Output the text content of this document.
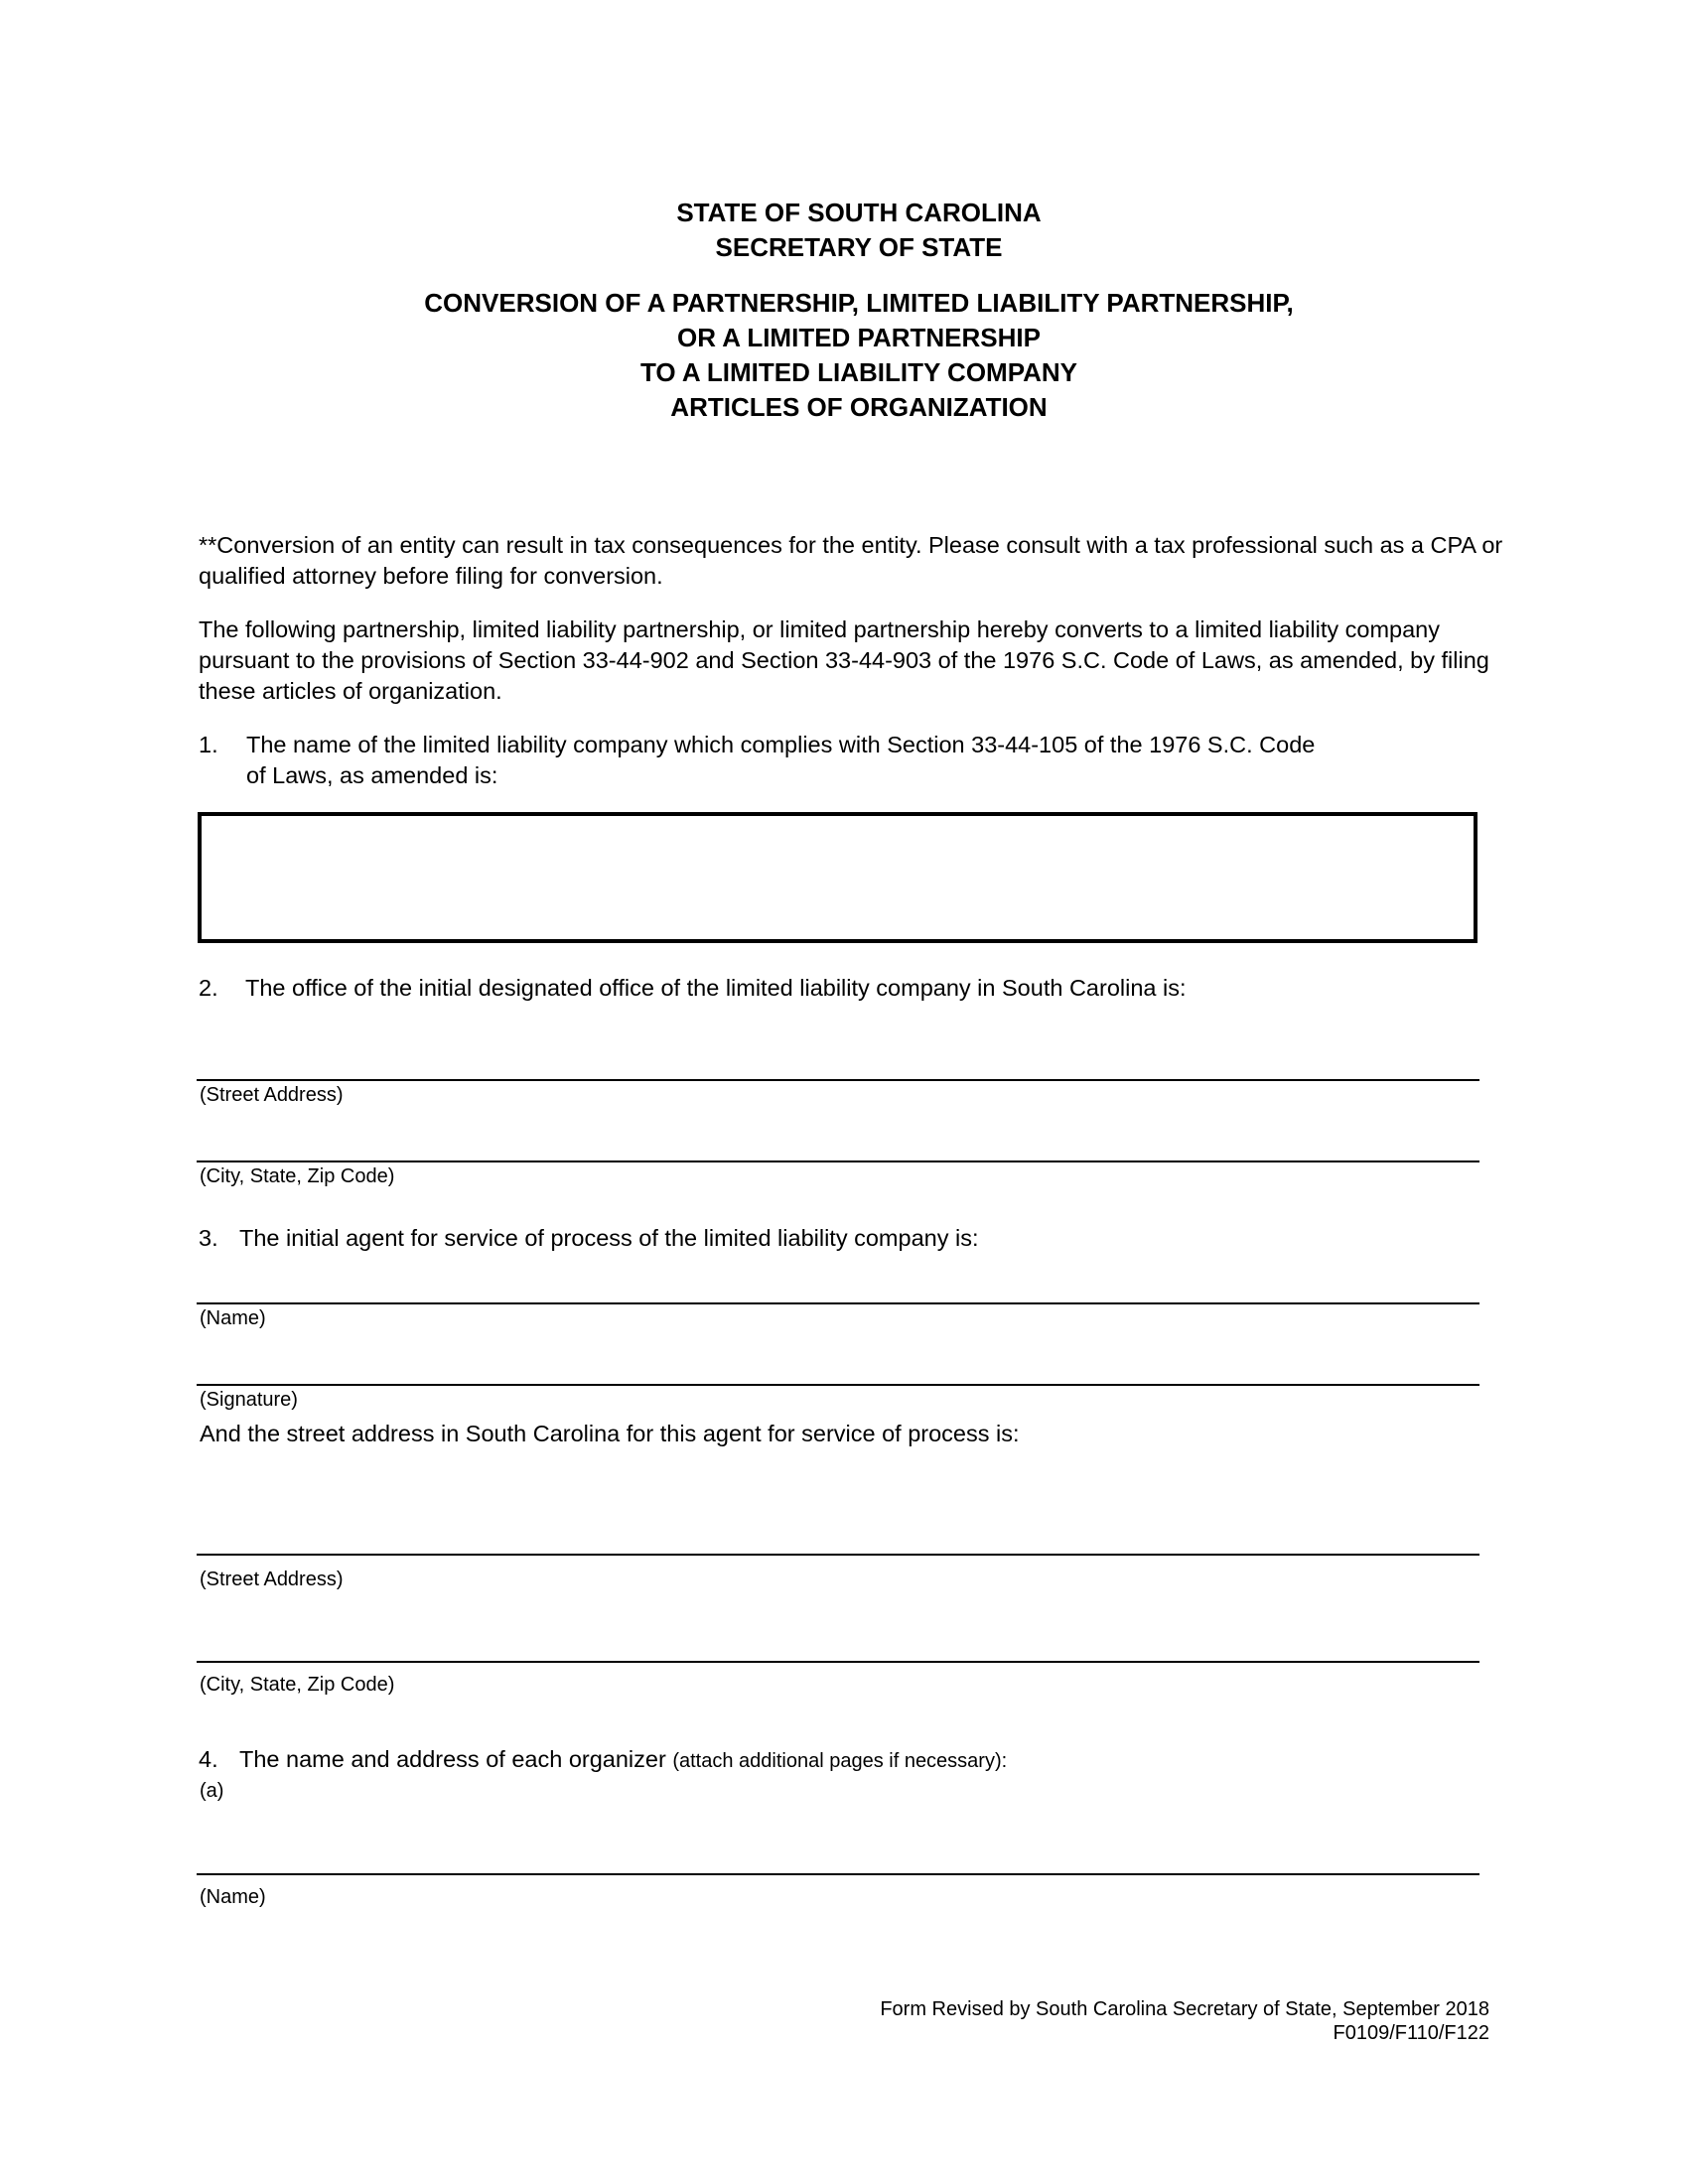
STATE OF SOUTH CAROLINA
SECRETARY OF STATE
CONVERSION OF A PARTNERSHIP, LIMITED LIABILITY PARTNERSHIP,
OR A LIMITED PARTNERSHIP
TO A LIMITED LIABILITY COMPANY
ARTICLES OF ORGANIZATION
**Conversion of an entity can result in tax consequences for the entity. Please consult with a tax professional such as a CPA or qualified attorney before filing for conversion.
The following partnership, limited liability partnership, or limited partnership hereby converts to a limited liability company pursuant to the provisions of Section 33-44-902 and Section 33-44-903 of the 1976 S.C. Code of Laws, as amended, by filing these articles of organization.
1. The name of the limited liability company which complies with Section 33-44-105 of the 1976 S.C. Code
of Laws, as amended is:
2. The office of the initial designated office of the limited liability company in South Carolina is:
(Street Address)
(City, State, Zip Code)
3. The initial agent for service of process of the limited liability company is:
(Name)
(Signature)
And the street address in South Carolina for this agent for service of process is:
(Street Address)
(City, State, Zip Code)
4. The name and address of each organizer (attach additional pages if necessary):
(a)
(Name)
Form Revised by South Carolina Secretary of State, September 2018
F0109/F110/F122
